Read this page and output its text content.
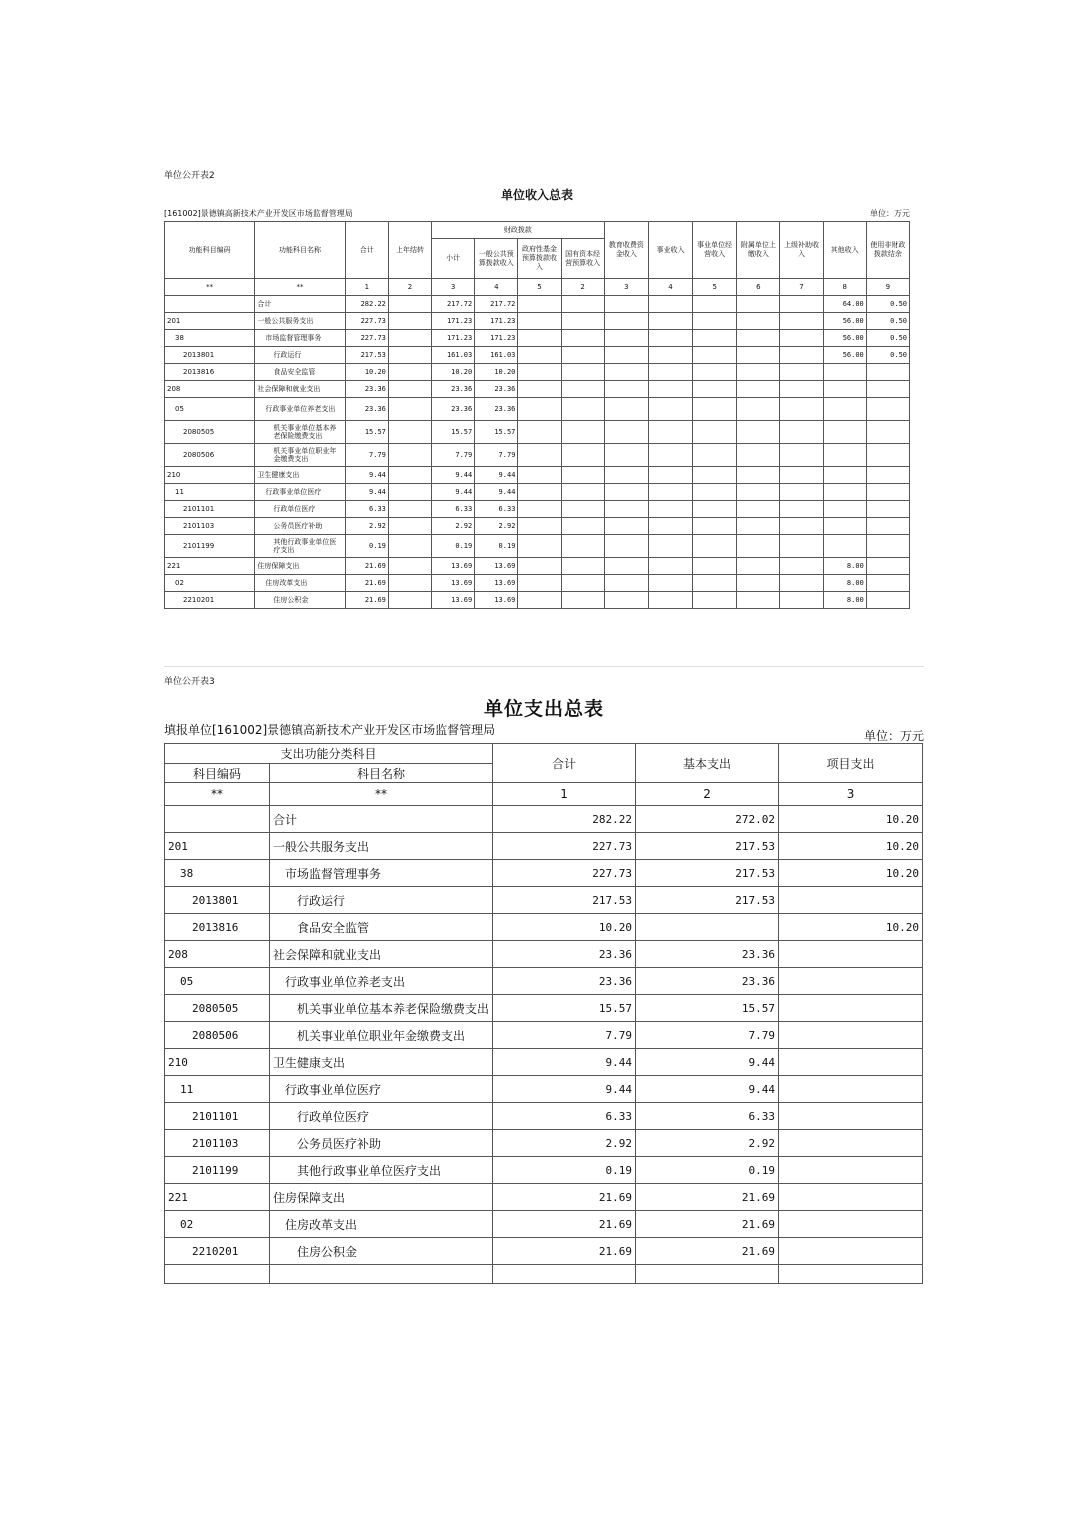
单位公开表2
单位收入总表
[161002]景德镇高新技术产业开发区市场监督管理局	单位：万元
功能科目编码	功能科目名称	合计	上年结转	财政拨款				教育收费资金收入	事业收入	事业单位经营收入	附属单位上缴收入	上级补助收入	其他收入	使用非财政拨款结余
				小计	一般公共预算拨款收入	政府性基金预算拨款收入	国有资本经营预算收入							
**	**	1	2	3	4	5	2	3	4	5	6	7	8	9
	合计	282.22		217.72	217.72								64.00	0.50
201	一般公共服务支出	227.73		171.23	171.23								56.00	0.50
38	市场监督管理事务	227.73		171.23	171.23								56.00	0.50
2013801	行政运行	217.53		161.03	161.03								56.00	0.50
2013816	食品安全监管	10.20		10.20	10.20									
208	社会保障和就业支出	23.36		23.36	23.36									
05	行政事业单位养老支出	23.36		23.36	23.36									
2080505	机关事业单位基本养老保险缴费支出	15.57		15.57	15.57									
2080506	机关事业单位职业年金缴费支出	7.79		7.79	7.79									
210	卫生健康支出	9.44		9.44	9.44									
11	行政事业单位医疗	9.44		9.44	9.44									
2101101	行政单位医疗	6.33		6.33	6.33									
2101103	公务员医疗补助	2.92		2.92	2.92									
2101199	其他行政事业单位医疗支出	0.19		0.19	0.19									
221	住房保障支出	21.69		13.69	13.69								8.00	
02	住房改革支出	21.69		13.69	13.69								8.00	
2210201	住房公积金	21.69		13.69	13.69								8.00	
单位公开表3
单位支出总表
填报单位[161002]景德镇高新技术产业开发区市场监督管理局	单位：万元
支出功能分类科目		合计	基本支出	项目支出
科目编码	科目名称			
**	**	1	2	3
	合计	282.22	272.02	10.20
201	一般公共服务支出	227.73	217.53	10.20
38	市场监督管理事务	227.73	217.53	10.20
2013801	行政运行	217.53	217.53	
2013816	食品安全监管	10.20		10.20
208	社会保障和就业支出	23.36	23.36	
05	行政事业单位养老支出	23.36	23.36	
2080505	机关事业单位基本养老保险缴费支出	15.57	15.57	
2080506	机关事业单位职业年金缴费支出	7.79	7.79	
210	卫生健康支出	9.44	9.44	
11	行政事业单位医疗	9.44	9.44	
2101101	行政单位医疗	6.33	6.33	
2101103	公务员医疗补助	2.92	2.92	
2101199	其他行政事业单位医疗支出	0.19	0.19	
221	住房保障支出	21.69	21.69	
02	住房改革支出	21.69	21.69	
2210201	住房公积金	21.69	21.69	
